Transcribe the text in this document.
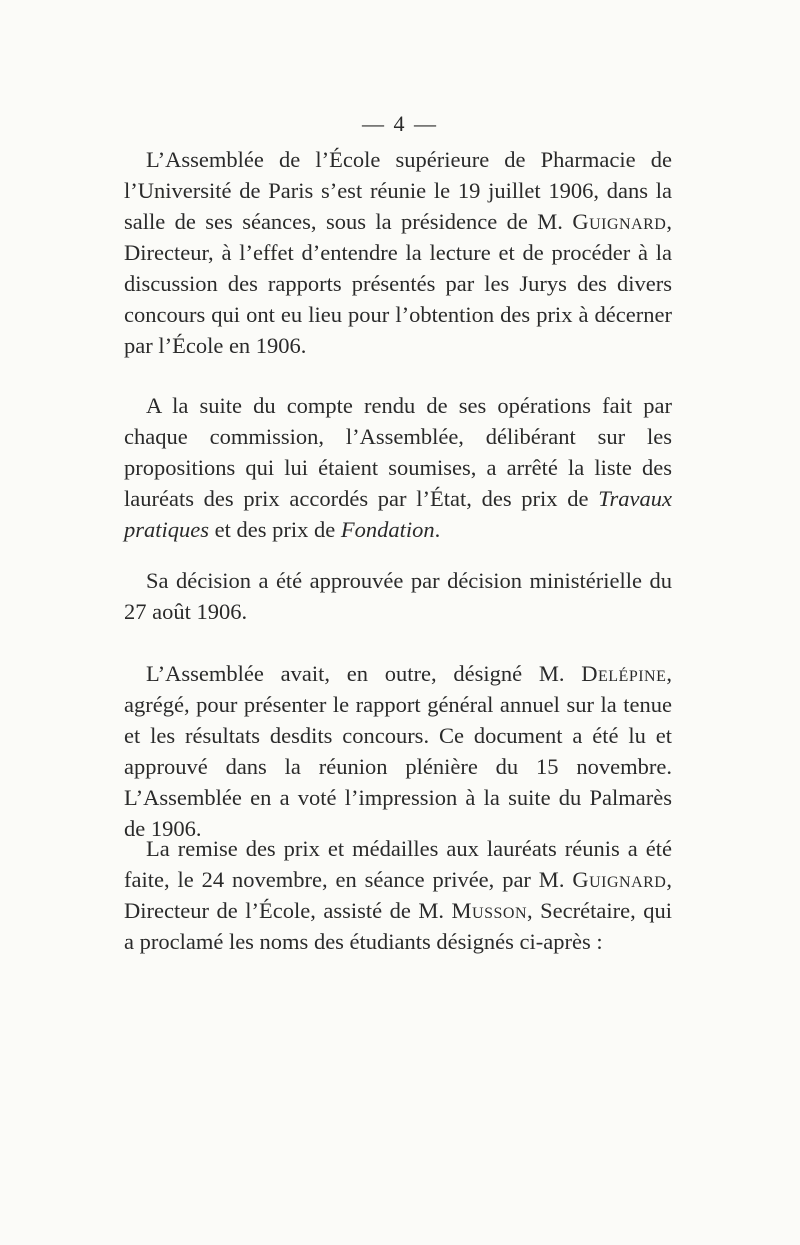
— 4 —

L’Assemblée de l’École supérieure de Pharmacie de l’Université de Paris s’est réunie le 19 juillet 1906, dans la salle de ses séances, sous la présidence de M. Guignard, Directeur, à l’effet d’entendre la lecture et de procéder à la discussion des rapports présentés par les Jurys des divers concours qui ont eu lieu pour l’obtention des prix à décerner par l’École en 1906.

A la suite du compte rendu de ses opérations fait par chaque commission, l’Assemblée, délibérant sur les propositions qui lui étaient soumises, a arrêté la liste des lauréats des prix accordés par l’État, des prix de Travaux pratiques et des prix de Fondation.

Sa décision a été approuvée par décision ministérielle du 27 août 1906.

L’Assemblée avait, en outre, désigné M. Delépine, agrégé, pour présenter le rapport général annuel sur la tenue et les résultats desdits concours. Ce document a été lu et approuvé dans la réunion plénière du 15 novembre. L’Assemblée en a voté l’impression à la suite du Palmarès de 1906.

La remise des prix et médailles aux lauréats réunis a été faite, le 24 novembre, en séance privée, par M. Guignard, Directeur de l’École, assisté de M. Musson, Secrétaire, qui a proclamé les noms des étudiants désignés ci-après :
